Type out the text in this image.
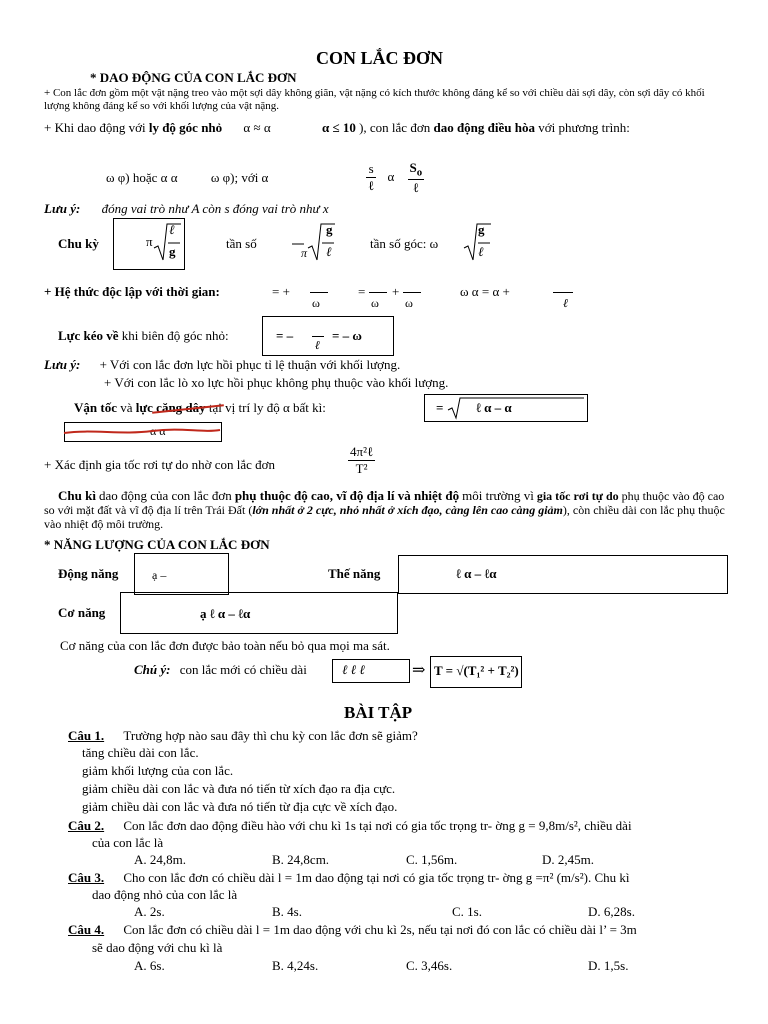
CON LẮC ĐƠN
* DAO ĐỘNG CỦA CON LẮC ĐƠN
+ Con lắc đơn gồm một vật nặng treo vào một sợi dây không giãn, vật nặng có kích thước không đáng kể so với chiều dài sợi dây, còn sợi dây có khối lượng không đáng kể so với khối lượng của vật nặng.
+ Khi dao động với ly độ góc nhỏ α ≈ α	α ≤ 10 ), con lắc đơn dao động điều hòa với phương trình:
ω φ) hoặc α α	ω φ); với α	$\frac{s}{\text{ℓ}}$ α $\frac{S_o}{\text{ℓ}}$
Lưu ý: đóng vai trò như A còn s đóng vai trò như x
Chu kỳ	π
ℓ
g
tần số
π
g
ℓ
tần số góc: ω
g
ℓ
+ Hệ thức độc lập với thời gian:	= +
ω
=
ω
+
ω
ω α = α +
ℓ
Lực kéo về khi biên độ góc nhỏ:	= –
ℓ
= – ω
Lưu ý: + Với con lắc đơn lực hồi phục tỉ lệ thuận với khối lượng.
+ Với con lắc lò xo lực hồi phục không phụ thuộc vào khối lượng.
Vận tốc và lực căng dây tại vị trí ly độ α bất kì:	=	ℓ α – α
α α
+ Xác định gia tốc rơi tự do nhờ con lắc đơn	$\frac{\text{4π²ℓ}}{\text{T²}}$
Chu kì dao động của con lắc đơn phụ thuộc độ cao, vĩ độ địa lí và nhiệt độ môi trường vì gia tốc rơi tự do phụ thuộc vào độ cao so với mặt đất và vĩ độ địa lí trên Trái Đất (lớn nhất ở 2 cực, nhỏ nhất ở xích đạo, càng lên cao càng giảm), còn chiều dài con lắc phụ thuộc vào nhiệt độ môi trường.
* NĂNG LƯỢNG CỦA CON LẮC ĐƠN
Động năng	ạ –	Thế năng	ℓ α – ℓα
Cơ năng	ạ ℓ α – ℓα
Cơ năng của con lắc đơn được bảo toàn nếu bỏ qua mọi ma sát.
Chú ý: con lắc mới có chiều dài	ℓ ℓ ℓ	⇒ T = √(T₁² + T₂²)
BÀI TẬP
Câu 1. Trường hợp nào sau đây thì chu kỳ con lắc đơn sẽ giảm?
tăng chiều dài con lắc.
giảm khối lượng của con lắc.
giảm chiều dài con lắc và đưa nó tiến từ xích đạo ra địa cực.
giảm chiều dài con lắc và đưa nó tiến từ địa cực về xích đạo.
Câu 2. Con lắc đơn dao động điều hào với chu kì 1s tại nơi có gia tốc trọng tr- ờng g = 9,8m/s², chiều dài
của con lắc là
A. 24,8m.	B. 24,8cm.	C. 1,56m.	D. 2,45m.
Câu 3. Cho con lắc đơn có chiều dài l = 1m dao động tại nơi có gia tốc trọng tr- ờng g =π² (m/s²). Chu kì
dao động nhỏ của con lắc là
A. 2s.	B. 4s.	C. 1s.	D. 6,28s.
Câu 4. Con lắc đơn có chiều dài l = 1m dao động với chu kì 2s, nếu tại nơi đó con lắc có chiều dài l’ = 3m
sẽ dao động với chu kì là
A. 6s.	B. 4,24s.	C. 3,46s.	D. 1,5s.
